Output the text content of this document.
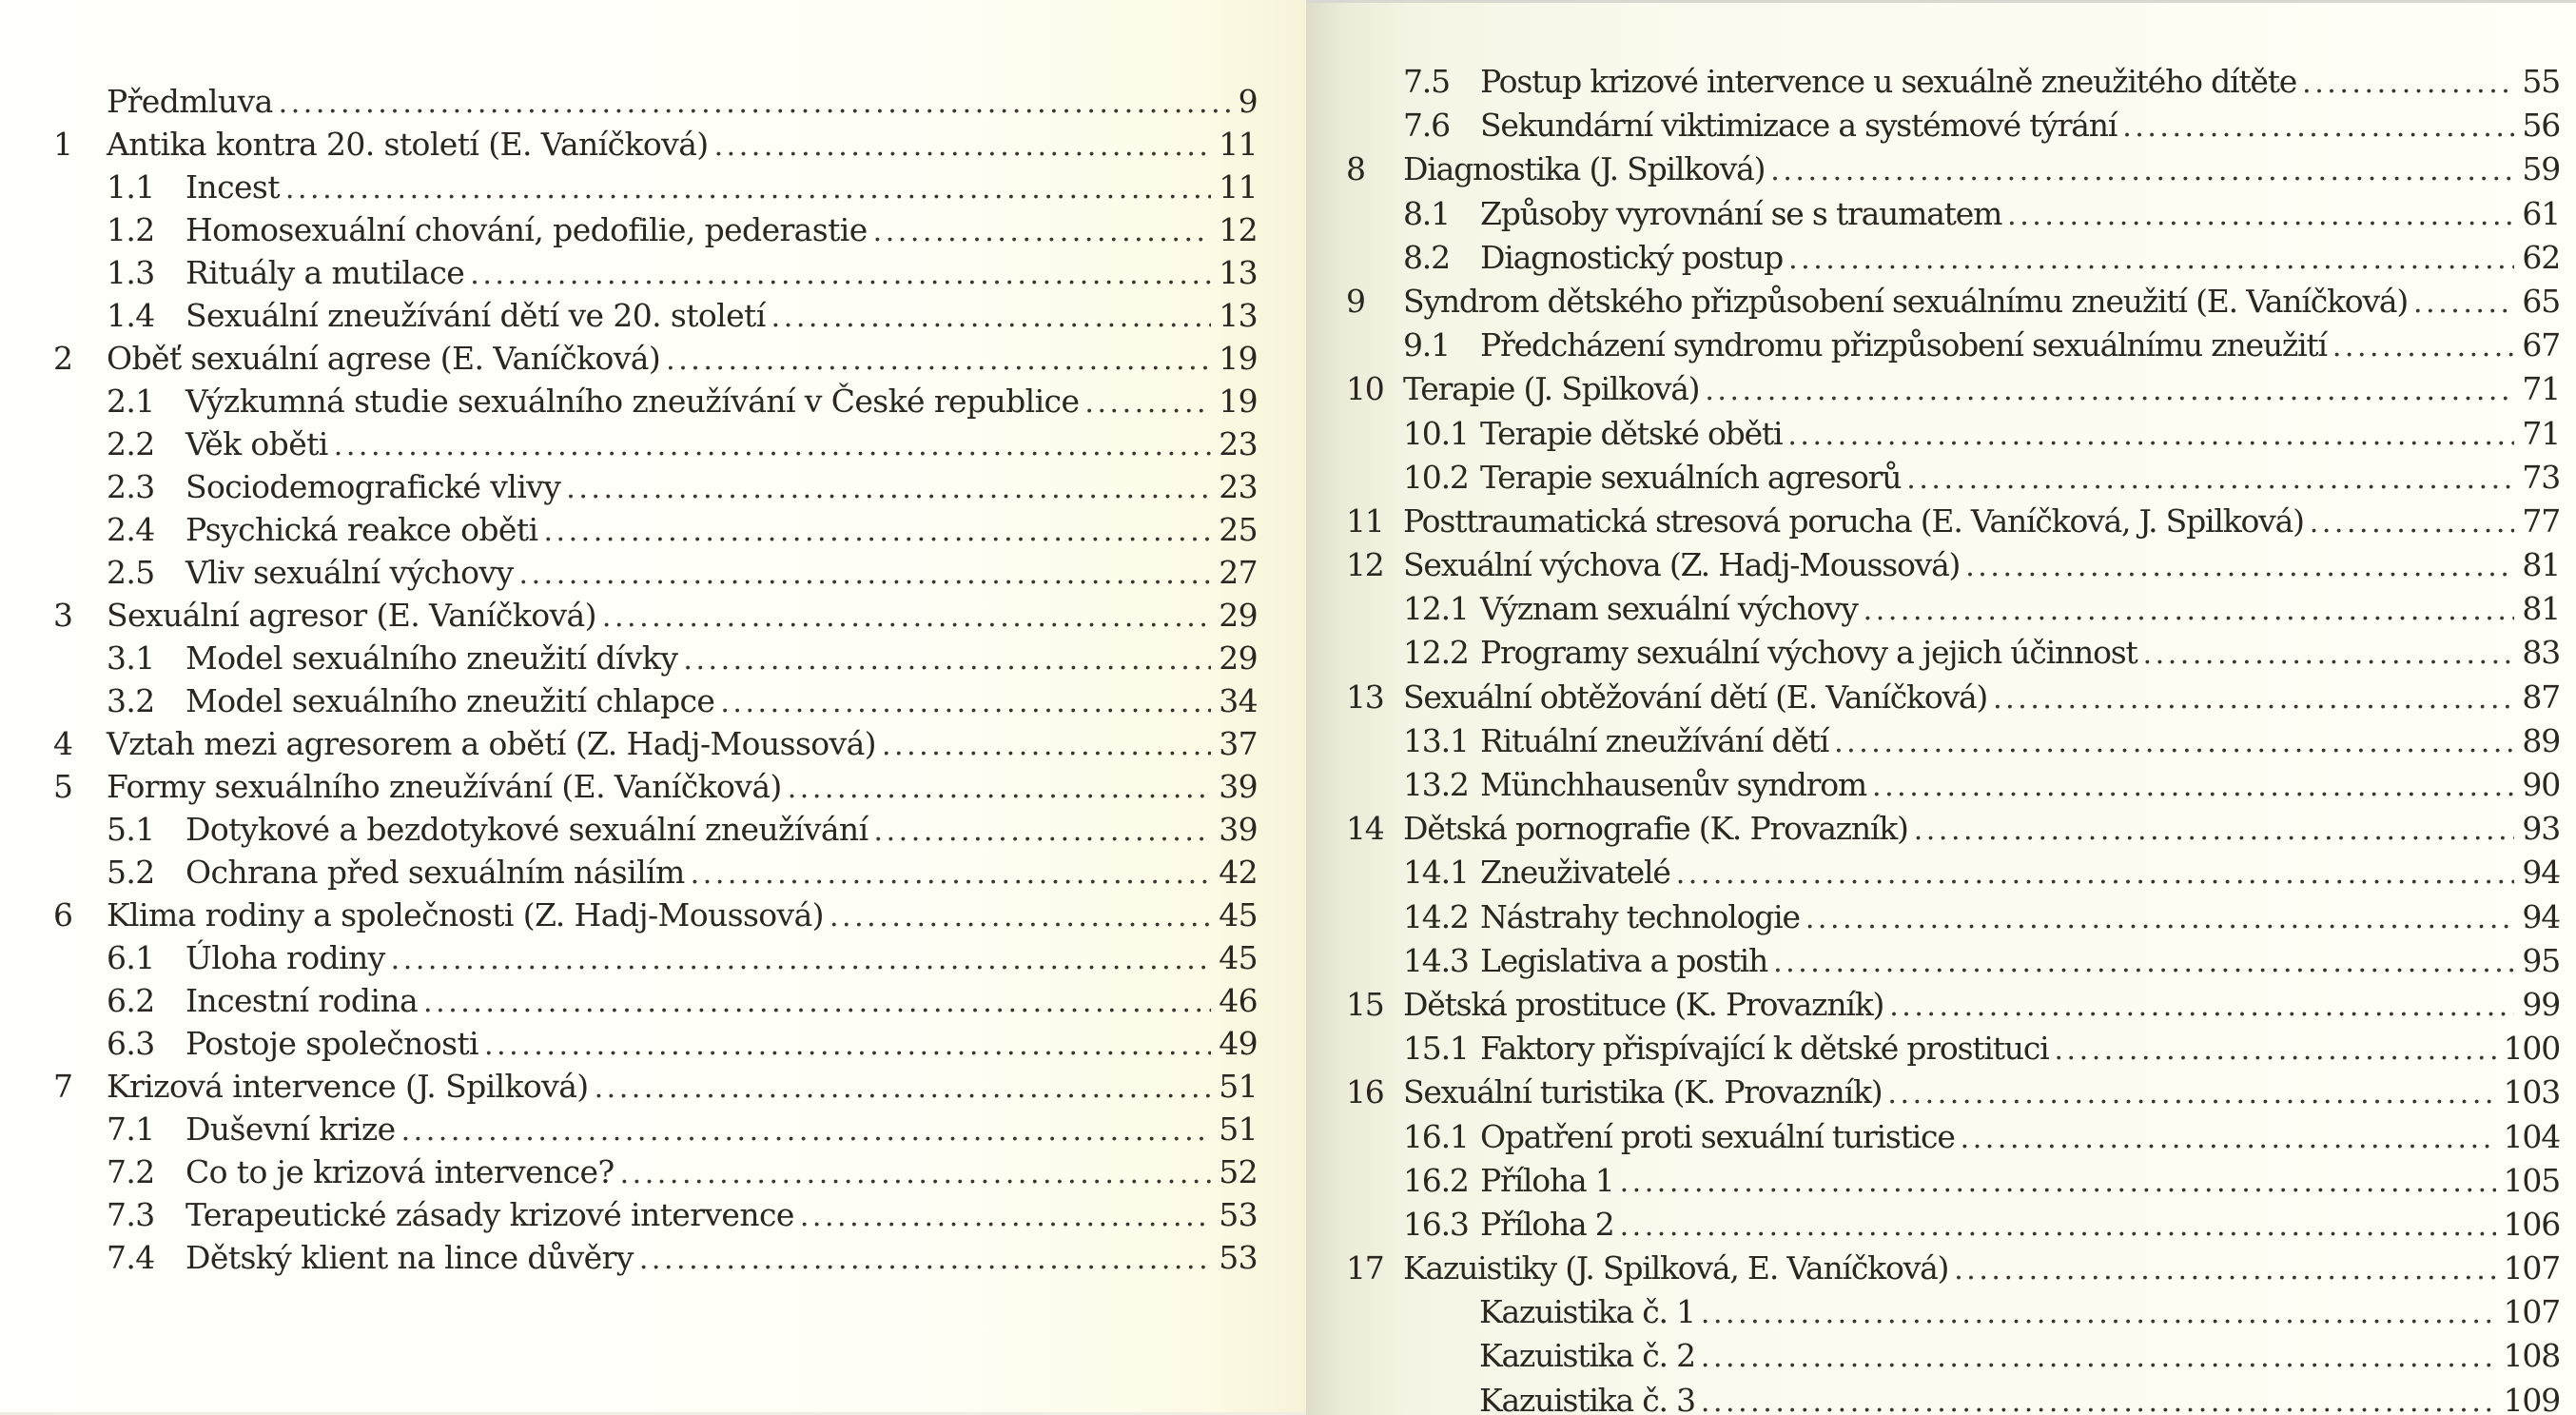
Předmluva . . .	9
1 Antika kontra 20. století (E. Vaníčková) . . .	11
1.1 Incest . . .	11
1.2 Homosexuální chování, pedofilie, pederastie . . .	12
1.3 Rituály a mutilace . . .	13
1.4 Sexuální zneužívání dětí ve 20. století . . .	13
2 Oběť sexuální agrese (E. Vaníčková) . . .	19
2.1 Výzkumná studie sexuálního zneužívání v České republice . . .	19
2.2 Věk oběti . . .	23
2.3 Sociodemografické vlivy . . .	23
2.4 Psychická reakce oběti . . .	25
2.5 Vliv sexuální výchovy . . .	27
3 Sexuální agresor (E. Vaníčková) . . .	29
3.1 Model sexuálního zneužití dívky . . .	29
3.2 Model sexuálního zneužití chlapce . . .	34
4 Vztah mezi agresorem a obětí (Z. Hadj-Moussová) . . .	37
5 Formy sexuálního zneužívání (E. Vaníčková) . . .	39
5.1 Dotykové a bezdotykové sexuální zneužívání . . .	39
5.2 Ochrana před sexuálním násilím . . .	42
6 Klima rodiny a společnosti (Z. Hadj-Moussová) . . .	45
6.1 Úloha rodiny . . .	45
6.2 Incestní rodina . . .	46
6.3 Postoje společnosti . . .	49
7 Krizová intervence (J. Spilková) . . .	51
7.1 Duševní krize . . .	51
7.2 Co to je krizová intervence? . . .	52
7.3 Terapeutické zásady krizové intervence . . .	53
7.4 Dětský klient na lince důvěry . . .	53
7.5 Postup krizové intervence u sexuálně zneužitého dítěte . . .	55
7.6 Sekundární viktimizace a systémové týrání . . .	56
8 Diagnostika (J. Spilková) . . .	59
8.1 Způsoby vyrovnání se s traumatem . . .	61
8.2 Diagnostický postup . . .	62
9 Syndrom dětského přizpůsobení sexuálnímu zneužití (E. Vaníčková) . . .	65
9.1 Předcházení syndromu přizpůsobení sexuálnímu zneužití . . .	67
10 Terapie (J. Spilková) . . .	71
10.1 Terapie dětské oběti . . .	71
10.2 Terapie sexuálních agresorů . . .	73
11 Posttraumatická stresová porucha (E. Vaníčková, J. Spilková) . . .	77
12 Sexuální výchova (Z. Hadj-Moussová) . . .	81
12.1 Význam sexuální výchovy . . .	81
12.2 Programy sexuální výchovy a jejich účinnost . . .	83
13 Sexuální obtěžování dětí (E. Vaníčková) . . .	87
13.1 Rituální zneužívání dětí . . .	89
13.2 Münchhausenův syndrom . . .	90
14 Dětská pornografie (K. Provazník) . . .	93
14.1 Zneuživatelé . . .	94
14.2 Nástrahy technologie . . .	94
14.3 Legislativa a postih . . .	95
15 Dětská prostituce (K. Provazník) . . .	99
15.1 Faktory přispívající k dětské prostituci . . .	100
16 Sexuální turistika (K. Provazník) . . .	103
16.1 Opatření proti sexuální turistice . . .	104
16.2 Příloha 1 . . .	105
16.3 Příloha 2 . . .	106
17 Kazuistiky (J. Spilková, E. Vaníčková) . . .	107
Kazuistika č. 1 . . .	107
Kazuistika č. 2 . . .	108
Kazuistika č. 3 . . .	109
